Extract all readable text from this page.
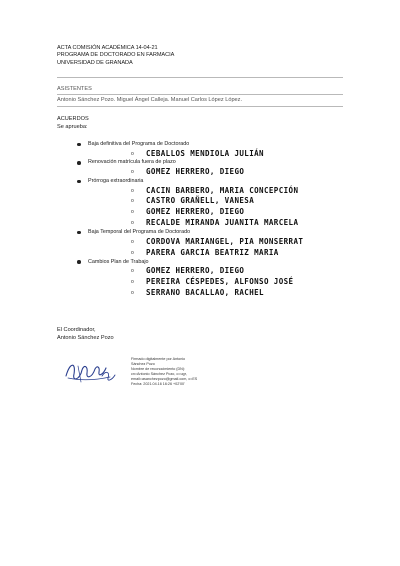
ACTA COMISIÓN ACADÉMICA 14-04-21
PROGRAMA DE DOCTORADO EN FARMACIA
UNIVERSIDAD DE GRANADA
ASISTENTES
Antonio Sánchez Pozo. Miguel Ángel Calleja. Manuel Carlos López López.
ACUERDOS
Se aprueba:
Baja definitiva del Programa de Doctorado
o CEBALLOS MENDIOLA JULIÁN
Renovación matrícula fuera de plazo
o GOMEZ HERRERO, DIEGO
Prórroga extraordinaria
o CACIN BARBERO, MARIA CONCEPCIÓN
o CASTRO GRAÑELL, VANESA
o GOMEZ HERRERO, DIEGO
o RECALDE MIRANDA JUANITA MARCELA
Baja Temporal del Programa de Doctorado
o CORDOVA MARIANGEL, PIA MONSERRAT
o PARERA GARCIA BEATRIZ MARIA
Cambios Plan de Trabajo
o GOMEZ HERRERO, DIEGO
o PEREIRA CÉSPEDES, ALFONSO JOSÉ
o SERRANO BACALLAO, RACHEL
El Coordinador,
Antonio Sánchez Pozo
Firmado digitalmente por Antonio
Sánchez Pozo
Nombre de reconocimiento (DN):
cn=Antonio Sánchez Pozo, o=ugr,
email=asanchezpozo@gmail.com, c=ES
Fecha: 2021.04.16 16:26 +02'00'
